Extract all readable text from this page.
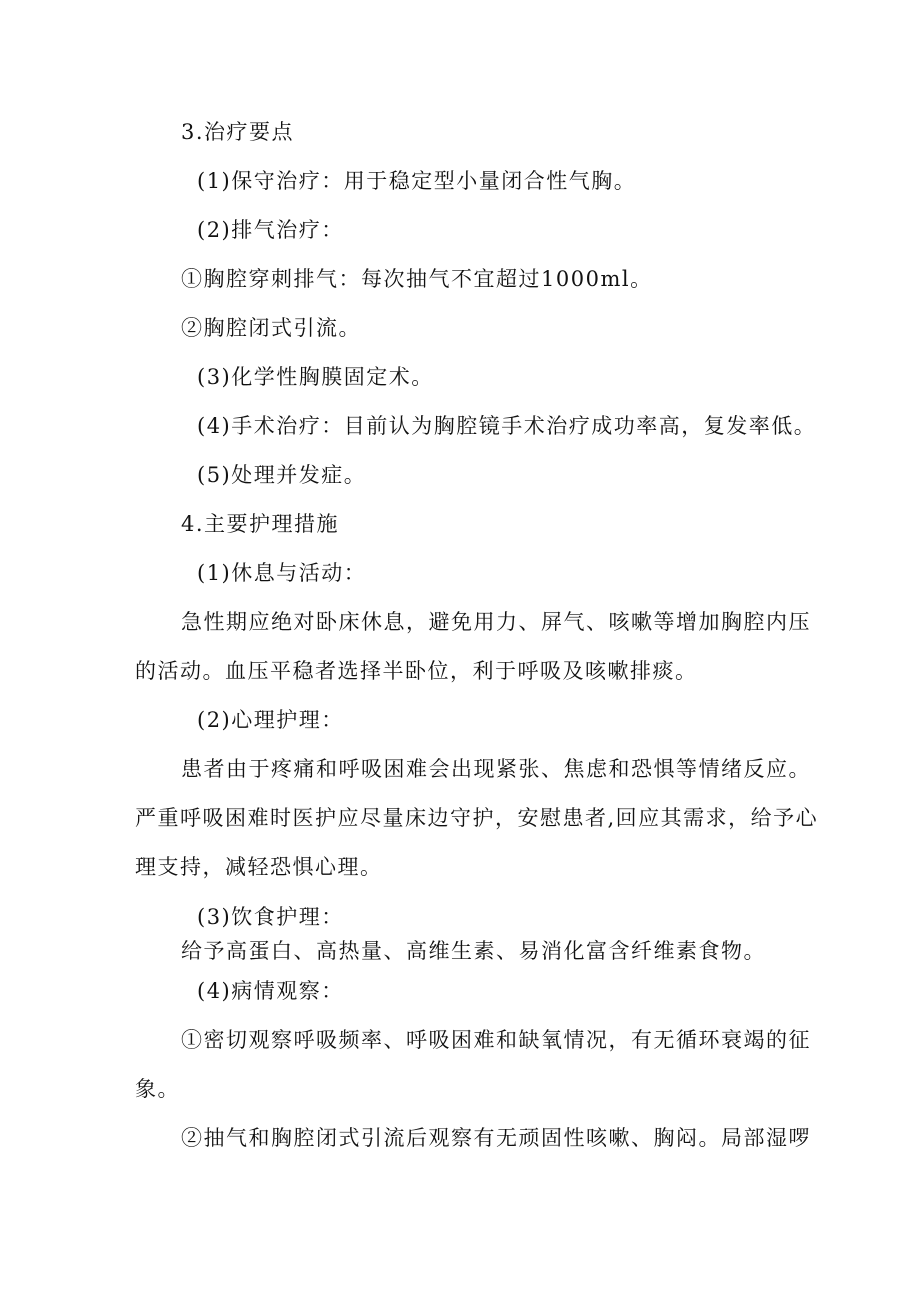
3.治疗要点
(1)保守治疗：用于稳定型小量闭合性气胸。
(2)排气治疗：
①胸腔穿刺排气：每次抽气不宜超过1000ml。
②胸腔闭式引流。
(3)化学性胸膜固定术。
(4)手术治疗：目前认为胸腔镜手术治疗成功率高，复发率低。
(5)处理并发症。
4.主要护理措施
(1)休息与活动：
急性期应绝对卧床休息，避免用力、屏气、咳嗽等增加胸腔内压
的活动。血压平稳者选择半卧位，利于呼吸及咳嗽排痰。
(2)心理护理：
患者由于疼痛和呼吸困难会出现紧张、焦虑和恐惧等情绪反应。
严重呼吸困难时医护应尽量床边守护，安慰患者,回应其需求，给予心
理支持，减轻恐惧心理。
(3)饮食护理：
给予高蛋白、高热量、高维生素、易消化富含纤维素食物。
(4)病情观察：
①密切观察呼吸频率、呼吸困难和缺氧情况，有无循环衰竭的征
象。
②抽气和胸腔闭式引流后观察有无顽固性咳嗽、胸闷。局部湿啰
